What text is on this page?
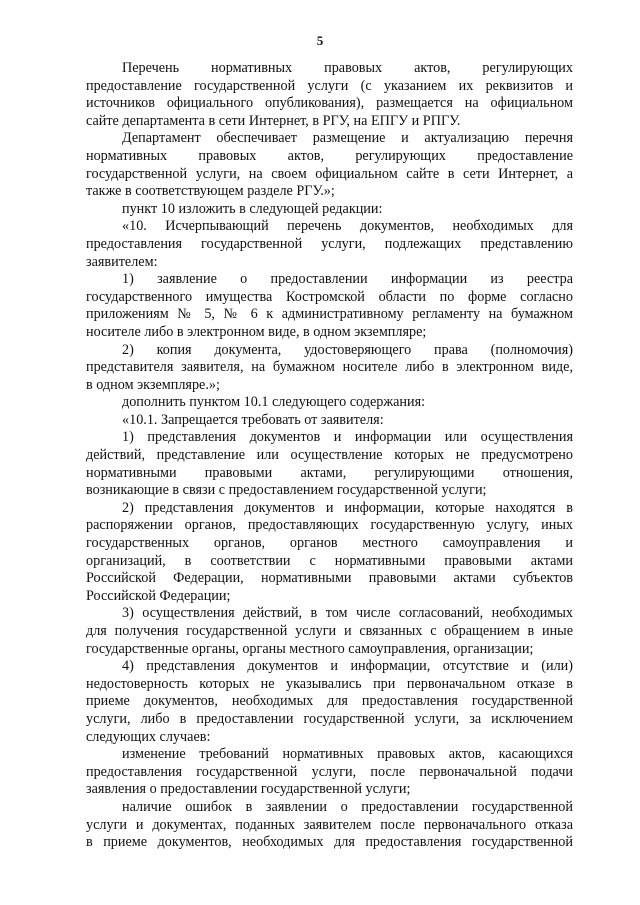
5
Перечень нормативных правовых актов, регулирующих
предоставление государственной услуги (с указанием их реквизитов и
источников официального опубликования), размещается на официальном
сайте департамента в сети Интернет, в РГУ, на ЕПГУ и РПГУ.
Департамент обеспечивает размещение и актуализацию перечня
нормативных правовых актов, регулирующих предоставление
государственной услуги, на своем официальном сайте в сети Интернет, а
также в соответствующем разделе РГУ.»;
пункт 10 изложить в следующей редакции:
«10. Исчерпывающий перечень документов, необходимых для
предоставления государственной услуги, подлежащих представлению
заявителем:
1) заявление о предоставлении информации из реестра
государственного имущества Костромской области по форме согласно
приложениям № 5, № 6 к административному регламенту на бумажном
носителе либо в электронном виде, в одном экземпляре;
2) копия документа, удостоверяющего права (полномочия)
представителя заявителя, на бумажном носителе либо в электронном виде,
в одном экземпляре.»;
дополнить пунктом 10.1 следующего содержания:
«10.1. Запрещается требовать от заявителя:
1) представления документов и информации или осуществления
действий, представление или осуществление которых не предусмотрено
нормативными правовыми актами, регулирующими отношения,
возникающие в связи с предоставлением государственной услуги;
2) представления документов и информации, которые находятся в
распоряжении органов, предоставляющих государственную услугу, иных
государственных органов, органов местного самоуправления и
организаций, в соответствии с нормативными правовыми актами
Российской Федерации, нормативными правовыми актами субъектов
Российской Федерации;
3) осуществления действий, в том числе согласований, необходимых
для получения государственной услуги и связанных с обращением в иные
государственные органы, органы местного самоуправления, организации;
4) представления документов и информации, отсутствие и (или)
недостоверность которых не указывались при первоначальном отказе в
приеме документов, необходимых для предоставления государственной
услуги, либо в предоставлении государственной услуги, за исключением
следующих случаев:
изменение требований нормативных правовых актов, касающихся
предоставления государственной услуги, после первоначальной подачи
заявления о предоставлении государственной услуги;
наличие ошибок в заявлении о предоставлении государственной
услуги и документах, поданных заявителем после первоначального отказа
в приеме документов, необходимых для предоставления государственной
